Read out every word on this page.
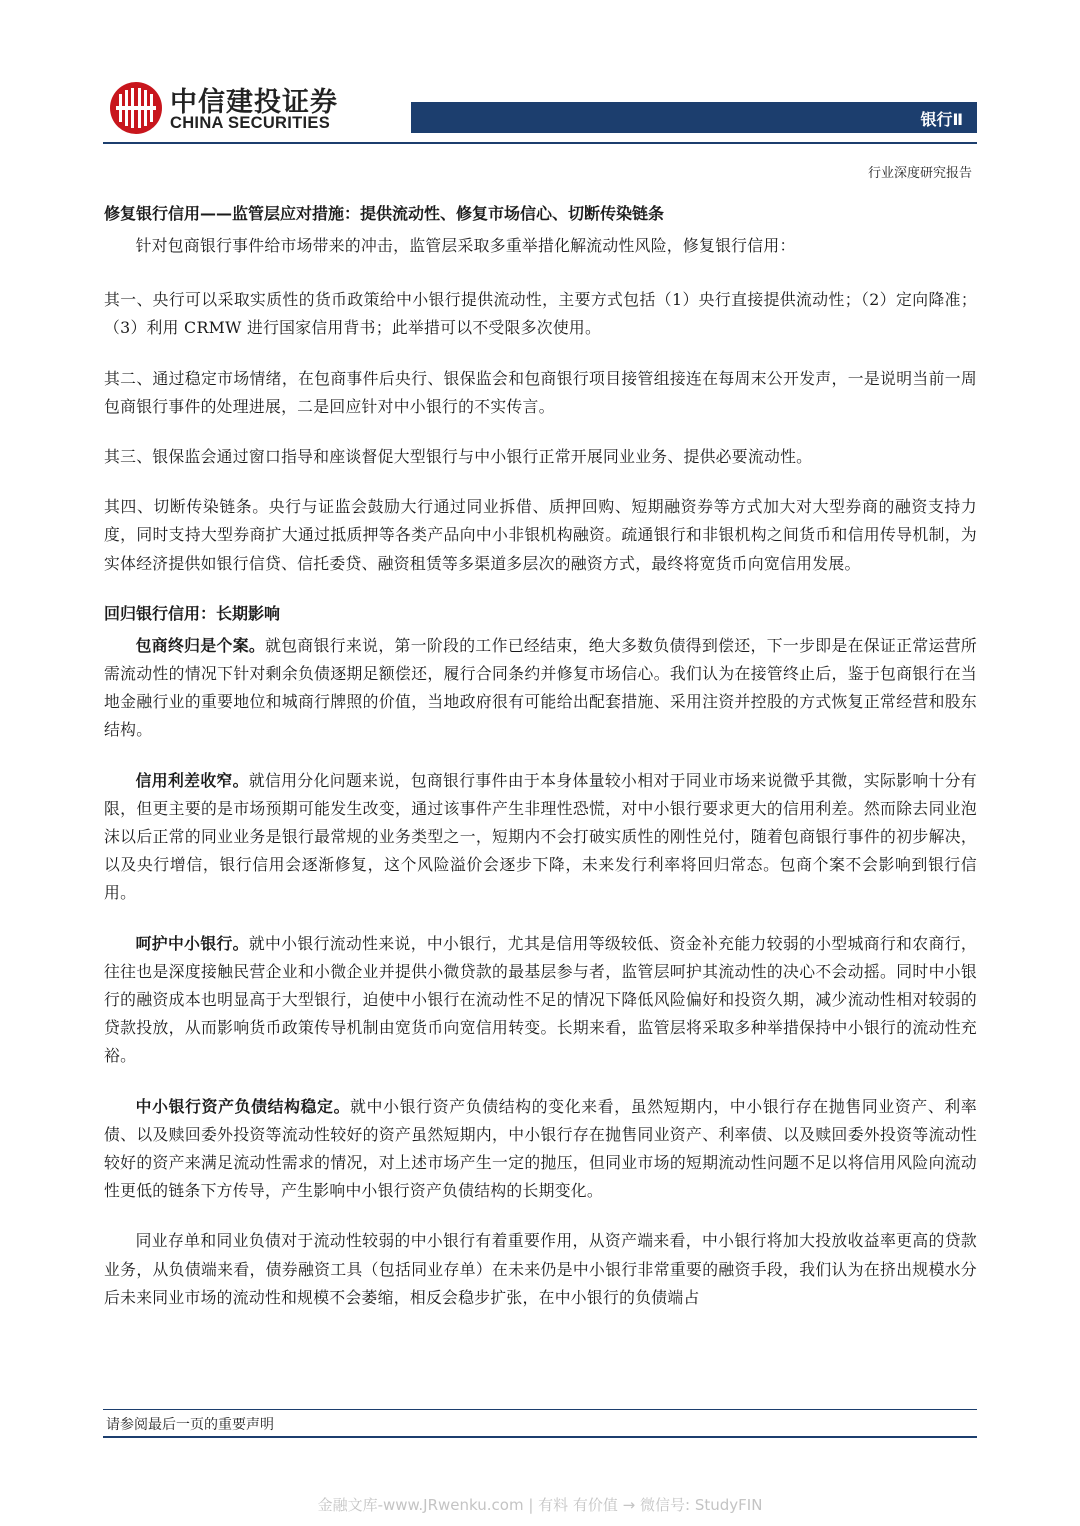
中信建投证券
CHINA SECURITIES	银行Ⅱ
行业深度研究报告

修复银行信用——监管层应对措施：提供流动性、修复市场信心、切断传染链条

针对包商银行事件给市场带来的冲击，监管层采取多重举措化解流动性风险，修复银行信用：

其一、央行可以采取实质性的货币政策给中小银行提供流动性，主要方式包括（1）央行直接提供流动性；（2）定向降准；（3）利用 CRMW 进行国家信用背书；此举措可以不受限多次使用。

其二、通过稳定市场情绪，在包商事件后央行、银保监会和包商银行项目接管组接连在每周末公开发声，一是说明当前一周包商银行事件的处理进展，二是回应针对中小银行的不实传言。

其三、银保监会通过窗口指导和座谈督促大型银行与中小银行正常开展同业业务、提供必要流动性。

其四、切断传染链条。央行与证监会鼓励大行通过同业拆借、质押回购、短期融资券等方式加大对大型券商的融资支持力度，同时支持大型券商扩大通过抵质押等各类产品向中小非银机构融资。疏通银行和非银机构之间货币和信用传导机制，为实体经济提供如银行信贷、信托委贷、融资租赁等多渠道多层次的融资方式，最终将宽货币向宽信用发展。

回归银行信用：长期影响

包商终归是个案。就包商银行来说，第一阶段的工作已经结束，绝大多数负债得到偿还，下一步即是在保证正常运营所需流动性的情况下针对剩余负债逐期足额偿还，履行合同条约并修复市场信心。我们认为在接管终止后，鉴于包商银行在当地金融行业的重要地位和城商行牌照的价值，当地政府很有可能给出配套措施、采用注资并控股的方式恢复正常经营和股东结构。

信用利差收窄。就信用分化问题来说，包商银行事件由于本身体量较小相对于同业市场来说微乎其微，实际影响十分有限，但更主要的是市场预期可能发生改变，通过该事件产生非理性恐慌，对中小银行要求更大的信用利差。然而除去同业泡沫以后正常的同业业务是银行最常规的业务类型之一，短期内不会打破实质性的刚性兑付，随着包商银行事件的初步解决，以及央行增信，银行信用会逐渐修复，这个风险溢价会逐步下降，未来发行利率将回归常态。包商个案不会影响到银行信用。

呵护中小银行。就中小银行流动性来说，中小银行，尤其是信用等级较低、资金补充能力较弱的小型城商行和农商行，往往也是深度接触民营企业和小微企业并提供小微贷款的最基层参与者，监管层呵护其流动性的决心不会动摇。同时中小银行的融资成本也明显高于大型银行，迫使中小银行在流动性不足的情况下降低风险偏好和投资久期，减少流动性相对较弱的贷款投放，从而影响货币政策传导机制由宽货币向宽信用转变。长期来看，监管层将采取多种举措保持中小银行的流动性充裕。

中小银行资产负债结构稳定。就中小银行资产负债结构的变化来看，虽然短期内，中小银行存在抛售同业资产、利率债、以及赎回委外投资等流动性较好的资产虽然短期内，中小银行存在抛售同业资产、利率债、以及赎回委外投资等流动性较好的资产来满足流动性需求的情况，对上述市场产生一定的抛压，但同业市场的短期流动性问题不足以将信用风险向流动性更低的链条下方传导，产生影响中小银行资产负债结构的长期变化。

同业存单和同业负债对于流动性较弱的中小银行有着重要作用，从资产端来看，中小银行将加大投放收益率更高的贷款业务，从负债端来看，债券融资工具（包括同业存单）在未来仍是中小银行非常重要的融资手段，我们认为在挤出规模水分后未来同业市场的流动性和规模不会萎缩，相反会稳步扩张，在中小银行的负债端占

请参阅最后一页的重要声明
金融文库-www.JRwenku.com | 有料 有价值 → 微信号: StudyFIN
